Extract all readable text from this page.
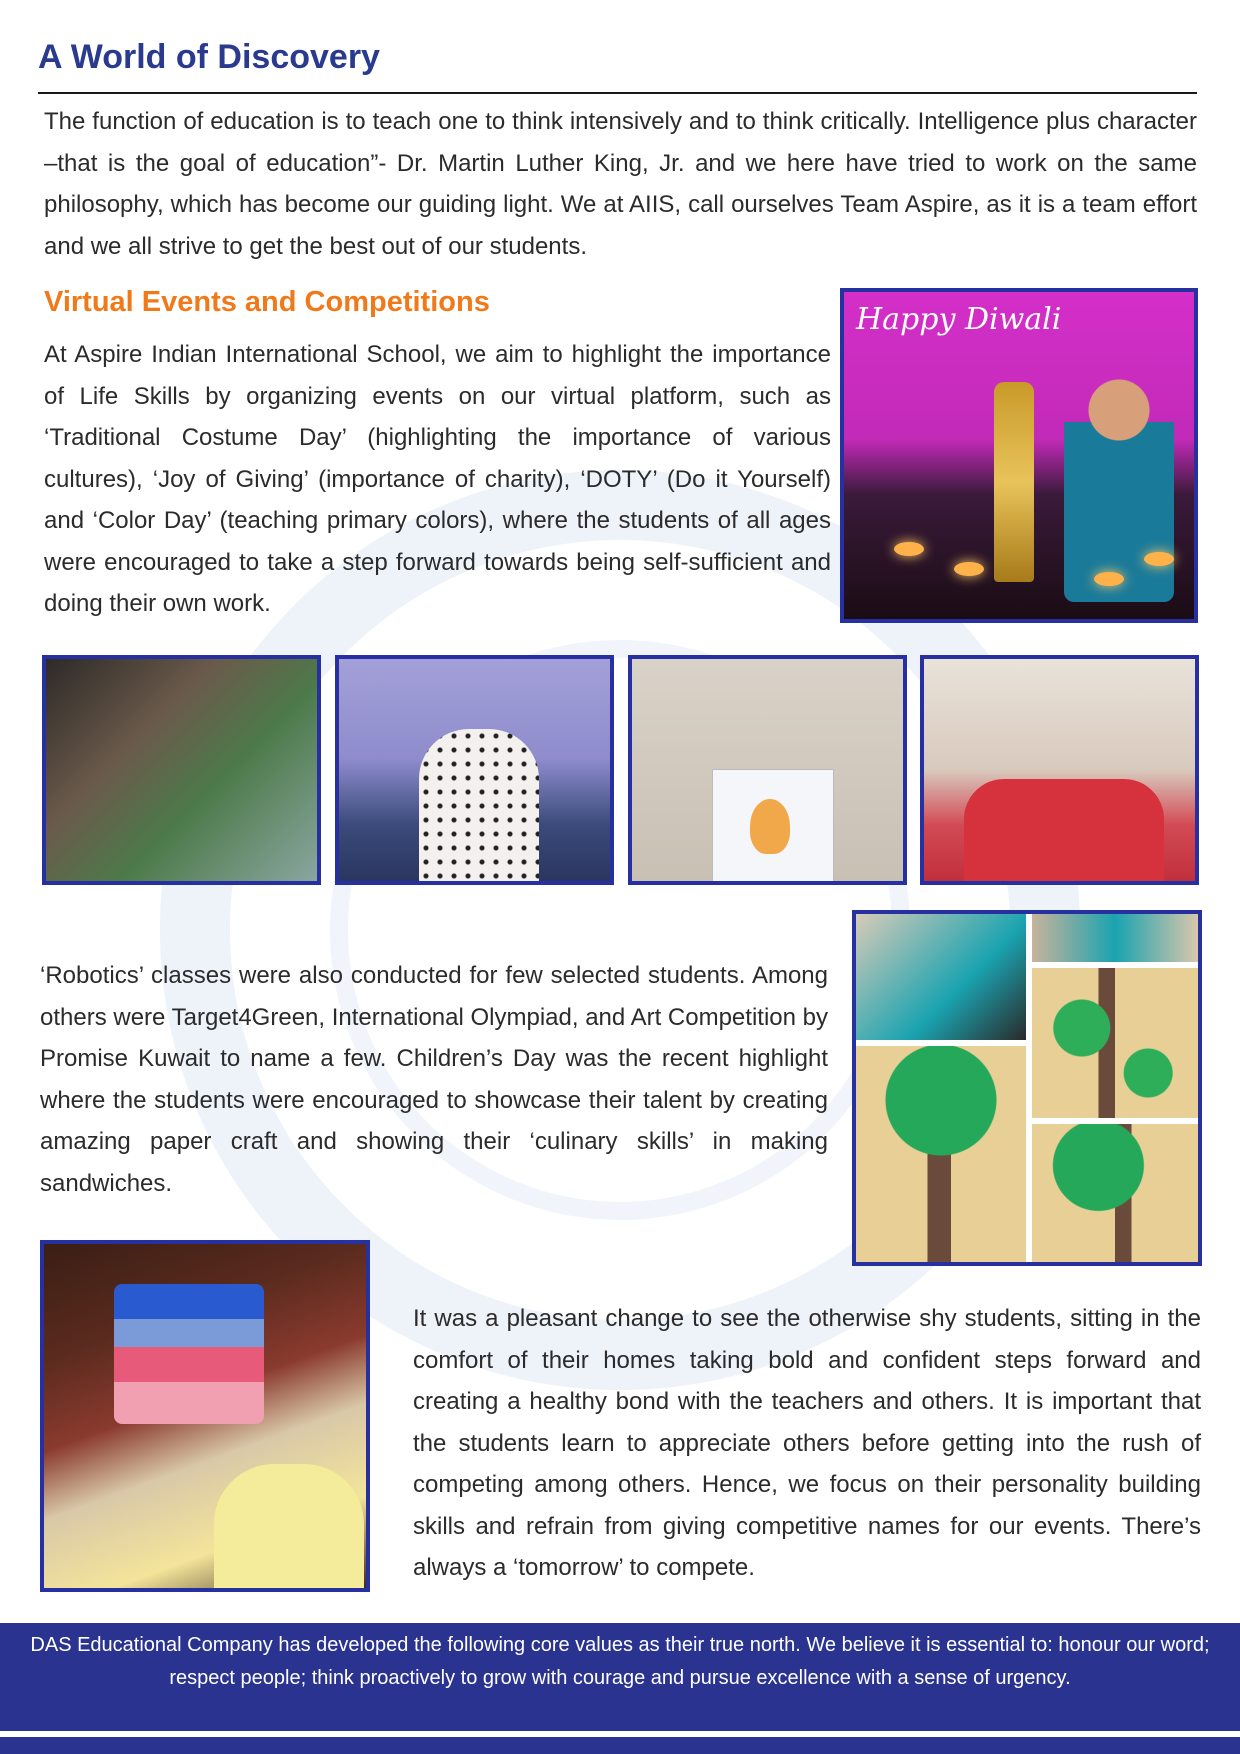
A World of Discovery

The function of education is to teach one to think intensively and to think critically. Intelligence plus character –that is the goal of education”- Dr. Martin Luther King, Jr. and we here have tried to work on the same philosophy, which has become our guiding light. We at AIIS, call ourselves Team Aspire, as it is a team effort and we all strive to get the best out of our students.

Virtual Events and Competitions

At Aspire Indian International School, we aim to highlight the importance of Life Skills by organizing events on our virtual platform, such as ‘Traditional Costume Day’ (highlighting the importance of various cultures), ‘Joy of Giving’ (importance of charity), ‘DOTY’ (Do it Yourself) and ‘Color Day’ (teaching primary colors), where the students of all ages were encouraged to take a step forward towards being self-sufficient and doing their own work.

Happy Diwali

‘Robotics’ classes were also conducted for few selected students. Among others were Target4Green, International Olympiad, and Art Competition by Promise Kuwait to name a few. Children’s Day was the recent highlight where the students were encouraged to showcase their talent by creating amazing paper craft and showing their ‘culinary skills’ in making sandwiches.

It was a pleasant change to see the otherwise shy students, sitting in the comfort of their homes taking bold and confident steps forward and creating a healthy bond with the teachers and others. It is important that the students learn to appreciate others before getting into the rush of competing among others. Hence, we focus on their personality building skills and refrain from giving competitive names for our events. There’s always a ‘tomorrow’ to compete.

DAS Educational Company has developed the following core values as their true north. We believe it is essential to: honour our word; respect people; think proactively to grow with courage and pursue excellence with a sense of urgency.
